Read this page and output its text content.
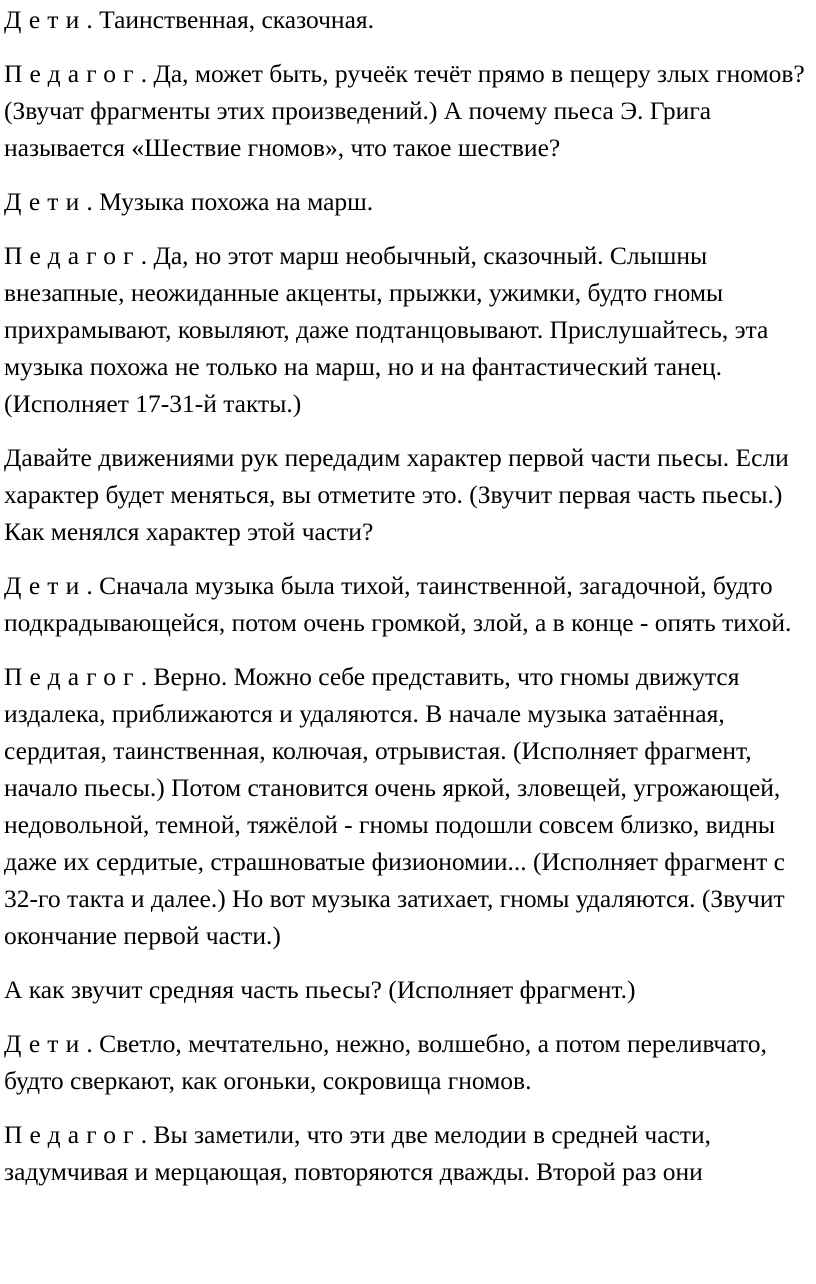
Дети. Таинственная, сказочная.

Педагог. Да, может быть, ручеёк течёт прямо в пещеру злых гномов? (Звучат фрагменты этих произведений.) А почему пьеса Э. Грига называется «Шествие гномов», что такое шествие?

Дети. Музыка похожа на марш.

Педагог. Да, но этот марш необычный, сказочный. Слышны внезапные, неожиданные акценты, прыжки, ужимки, будто гномы прихрамывают, ковыляют, даже подтанцовывают. Прислушайтесь, эта музыка похожа не только на марш, но и на фантастический танец. (Исполняет 17-31-й такты.)

Давайте движениями рук передадим характер первой части пьесы. Если характер будет меняться, вы отметите это. (Звучит первая часть пьесы.) Как менялся характер этой части?

Дети. Сначала музыка была тихой, таинственной, загадочной, будто подкрадывающейся, потом очень громкой, злой, а в конце - опять тихой.

Педагог. Верно. Можно себе представить, что гномы движутся издалека, приближаются и удаляются. В начале музыка затаённая, сердитая, таинственная, колючая, отрывистая. (Исполняет фрагмент, начало пьесы.) Потом становится очень яркой, зловещей, угрожающей, недовольной, темной, тяжёлой - гномы подошли совсем близко, видны даже их сердитые, страшноватые физиономии... (Исполняет фрагмент с 32-го такта и далее.) Но вот музыка затихает, гномы удаляются. (Звучит окончание первой части.)

А как звучит средняя часть пьесы? (Исполняет фрагмент.)

Дети. Светло, мечтательно, нежно, волшебно, а потом переливчато, будто сверкают, как огоньки, сокровища гномов.

Педагог. Вы заметили, что эти две мелодии в средней части, задумчивая и мерцающая, повторяются дважды. Второй раз они
